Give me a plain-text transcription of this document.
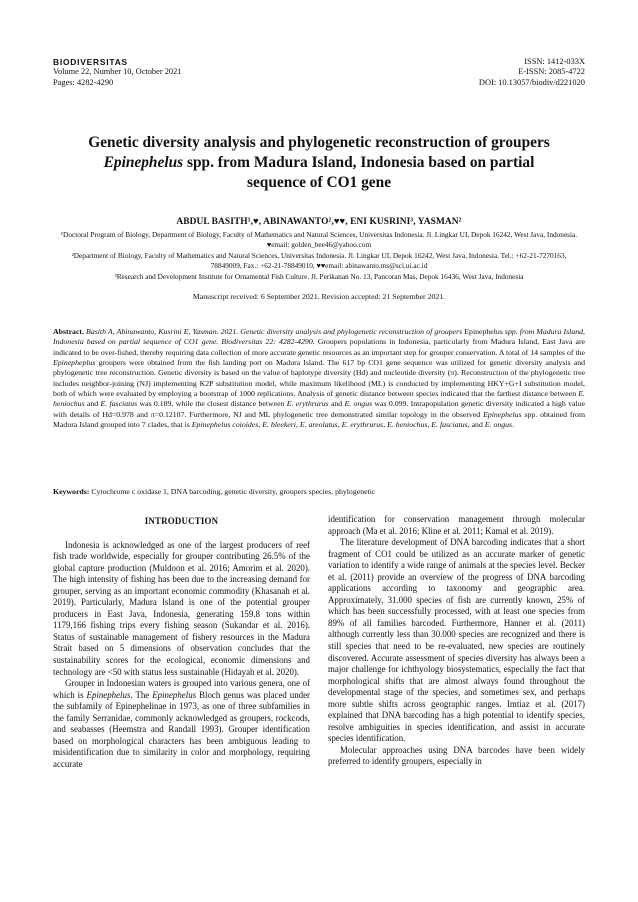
BIODIVERSITAS
Volume 22, Number 10, October 2021
Pages: 4282-4290
ISSN: 1412-033X
E-ISSN: 2085-4722
DOI: 10.13057/biodiv/d221020
Genetic diversity analysis and phylogenetic reconstruction of groupers
Epinephelus spp. from Madura Island, Indonesia based on partial
sequence of CO1 gene
ABDUL BASITH¹,♥, ABINAWANTO²,♥♥, ENI KUSRINI³, YASMAN²

¹Doctoral Program of Biology, Department of Biology, Faculty of Mathematics and Natural Sciences, Universitas Indonesia. Jl. Lingkar UI, Depok 16242, West Java, Indonesia. ♥email: golden_bee46@yahoo.com

²Department of Biology, Faculty of Mathematics and Natural Sciences, Universitas Indonesia. Jl. Lingkar UI, Depok 16242, West Java, Indonesia. Tel.: +62-21-7270163, 78849009, Fax.: +62-21-78849010, ♥♥email: abinawanto.ms@sci.ui.ac.id

³Research and Development Institute for Ornamental Fish Culture. Jl. Perikanan No. 13, Pancoran Mas, Depok 16436, West Java, Indonesia

Manuscript received: 6 September 2021. Revision accepted: 21 September 2021.

Abstract. Basith A, Abinawanto, Kusrini E, Yasman. 2021. Genetic diversity analysis and phylogenetic reconstruction of groupers Epinephelus spp. from Madura Island, Indonesia based on partial sequence of CO1 gene. Biodiversitas 22: 4282-4290. Groupers populations in Indonesia, particularly from Madura Island, East Java are indicated to be over-fished, thereby requiring data collection of more accurate genetic resources as an important step for grouper conservation. A total of 14 samples of the Epinepheplus groupers were obtained from the fish landing port on Madura Island. The 617 bp CO1 gene sequence was utilized for genetic diversity analysis and phylogenetic tree reconstruction. Genetic diversity is based on the value of haplotype diversity (Hd) and nucleotide diversity (π). Reconstruction of the phylogenetic tree includes neighbor-joining (NJ) implementing K2P substitution model, while maximum likelihood (ML) is conducted by implementing HKY+G+I substitution model, both of which were evaluated by employing a bootstrap of 1000 replications. Analysis of genetic distance between species indicated that the farthest distance between E. heniochus and E. fasciatus was 0.189, while the closest distance between E. erythrurus and E. ongus was 0.099. Intrapopulation genetic diversity indicated a high value with details of Hd=0.978 and π=0.12107. Furthermore, NJ and ML phylogenetic tree demonstrated similar topology in the observed Epinephelus spp. obtained from Madura Island grouped into 7 clades, that is Epinephelus coioides, E. bleekeri, E. areolatus, E. erythrurus, E. heniochus, E. fasciatus, and E. ongus.

Keywords: Cytochrome c oxidase 1, DNA barcoding, genetic diversity, groupers species, phylogenetic
INTRODUCTION

Indonesia is acknowledged as one of the largest producers of reef fish trade worldwide, especially for grouper contributing 26.5% of the global capture production (Muldoon et al. 2016; Amorim et al. 2020). The high intensity of fishing has been due to the increasing demand for grouper, serving as an important economic commodity (Khasanah et al. 2019). Particularly, Madura Island is one of the potential grouper producers in East Java, Indonesia, generating 159.8 tons within 1179,166 fishing trips every fishing season (Sukandar et al. 2016). Status of sustainable management of fishery resources in the Madura Strait based on 5 dimensions of observation concludes that the sustainability scores for the ecological, economic dimensions and technology are <50 with status less sustainable (Hidayah et al. 2020).

Grouper in Indonesian waters is grouped into various genera, one of which is Epinephelus. The Epinephelus Bloch genus was placed under the subfamily of Epinephelinae in 1973, as one of three subfamilies in the family Serranidae, commonly acknowledged as groupers, rockcods, and seabasses (Heemstra and Randall 1993). Grouper identification based on morphological characters has been ambiguous leading to misidentification due to similarity in color and morphology, requiring accurate

identification for conservation management through molecular approach (Ma et al. 2016; Kline et al. 2011; Kamal et al. 2019).

The literature development of DNA barcoding indicates that a short fragment of CO1 could be utilized as an accurate marker of genetic variation to identify a wide range of animals at the species level. Becker et al. (2011) provide an overview of the progress of DNA barcoding applications according to taxonomy and geographic area. Approximately, 31.000 species of fish are currently known, 25% of which has been successfully processed, with at least one species from 89% of all families barcoded. Furthermore, Hanner et al. (2011) although currently less than 30.000 species are recognized and there is still species that need to be re-evaluated, new species are routinely discovered. Accurate assessment of species diversity has always been a major challenge for ichthyology biosystematics, especially the fact that morphological shifts that are almost always found throughout the developmental stage of the species, and sometimes sex, and perhaps more subtle shifts across geographic ranges. Imtiaz et al. (2017) explained that DNA barcoding has a high potential to identify species, resolve ambiguities in species identification, and assist in accurate species identification.

Molecular approaches using DNA barcodes have been widely preferred to identify groupers, especially in
